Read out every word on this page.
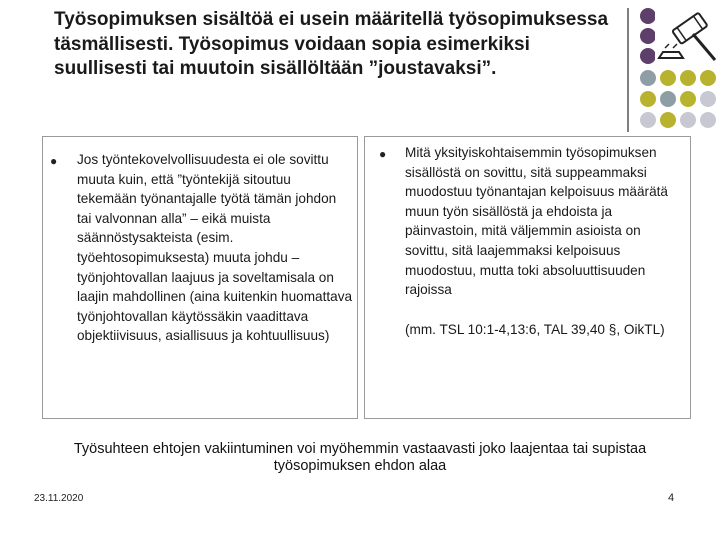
Työsopimuksen sisältöä ei usein määritellä työsopimuksessa täsmällisesti. Työsopimus voidaan sopia esimerkiksi suullisesti tai muutoin sisällöltään ”joustavaksi”.
● Jos työntekovelvollisuudesta ei ole sovittu muuta kuin, että ”työntekijä sitoutuu tekemään työnantajalle työtä tämän johdon tai valvonnan alla” – eikä muista säännöstysakteista (esim. työehtosopimuksesta) muuta johdu – työnjohtovallan laajuus ja soveltamisala on laajin mahdollinen (aina kuitenkin huomattava työnjohtovallan käytössäkin vaadittava objektiivisuus, asiallisuus ja kohtuullisuus)

● Mitä yksityiskohtaisemmin työsopimuksen sisällöstä on sovittu, sitä suppeammaksi muodostuu työnantajan kelpoisuus määrätä muun työn sisällöstä ja ehdoista ja päinvastoin, mitä väljemmin asioista on sovittu, sitä laajemmaksi kelpoisuus muodostuu, mutta toki absoluuttisuuden rajoissa

(mm. TSL 10:1-4,13:6, TAL 39,40 §, OikTL)

Työsuhteen ehtojen vakiintuminen voi myöhemmin vastaavasti joko laajentaa tai supistaa työsopimuksen ehdon alaa

23.11.2020	4
